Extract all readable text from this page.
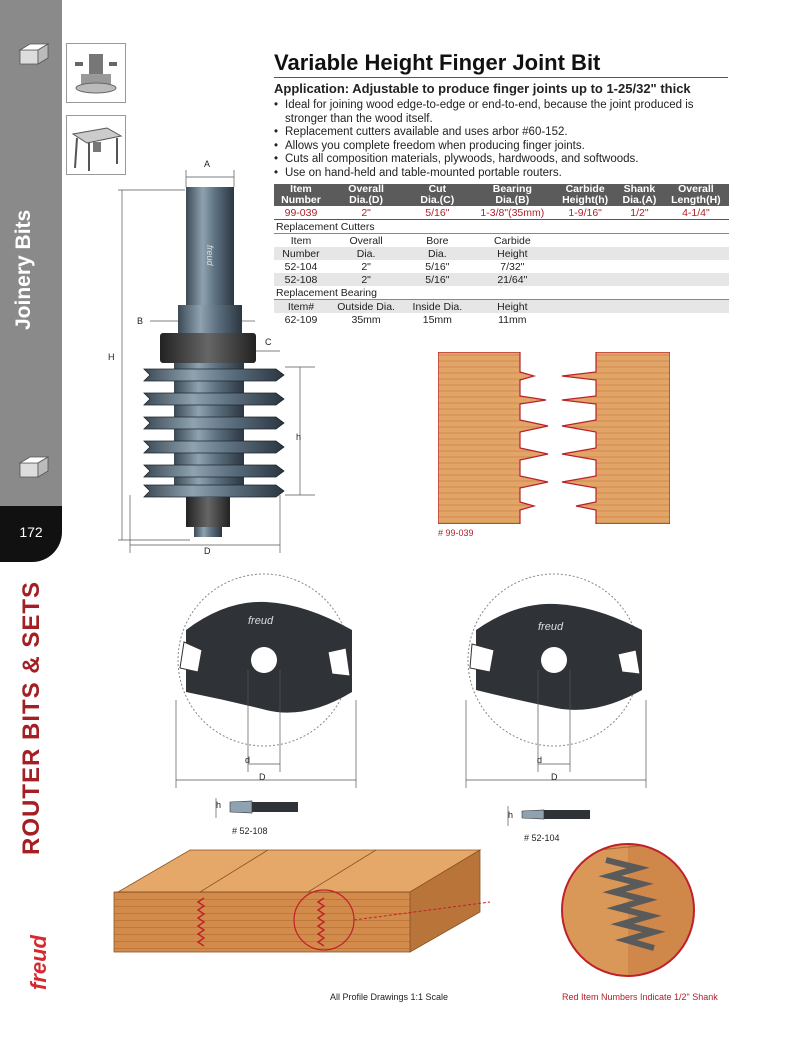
Joinery Bits
172
ROUTER BITS & SETS
freud
Variable Height Finger Joint Bit
Application: Adjustable to produce finger joints up to 1-25/32" thick
• Ideal for joining wood edge-to-edge or end-to-end, because the joint produced is stronger than the wood itself.
• Replacement cutters available and uses arbor #60-152.
• Allows you complete freedom when producing finger joints.
• Cuts all composition materials, plywoods, hardwoods, and softwoods.
• Use on hand-held and table-mounted portable routers.
Item
Number	Overall
Dia.(D)	Cut
Dia.(C)	Bearing
Dia.(B)	Carbide
Height(h)	Shank
Dia.(A)	Overall
Length(H)
99-039	2"	5/16"	1-3/8"(35mm)	1-9/16"	1/2"	4-1/4"
Replacement Cutters						
Item	Overall	Bore	Carbide			
Number	Dia.	Dia.	Height			
52-104	2"	5/16"	7/32"			
52-108	2"	5/16"	21/64"			
Replacement Bearing						
Item#	Outside Dia.	Inside Dia.	Height			
62-109	35mm	15mm	11mm			
freud
A
B
C
H
h
D
# 99-039
freud
d
D
h
# 52-108
freud
d
D
h
# 52-104
All Profile Drawings 1:1 Scale	Red Item Numbers Indicate 1/2" Shank
